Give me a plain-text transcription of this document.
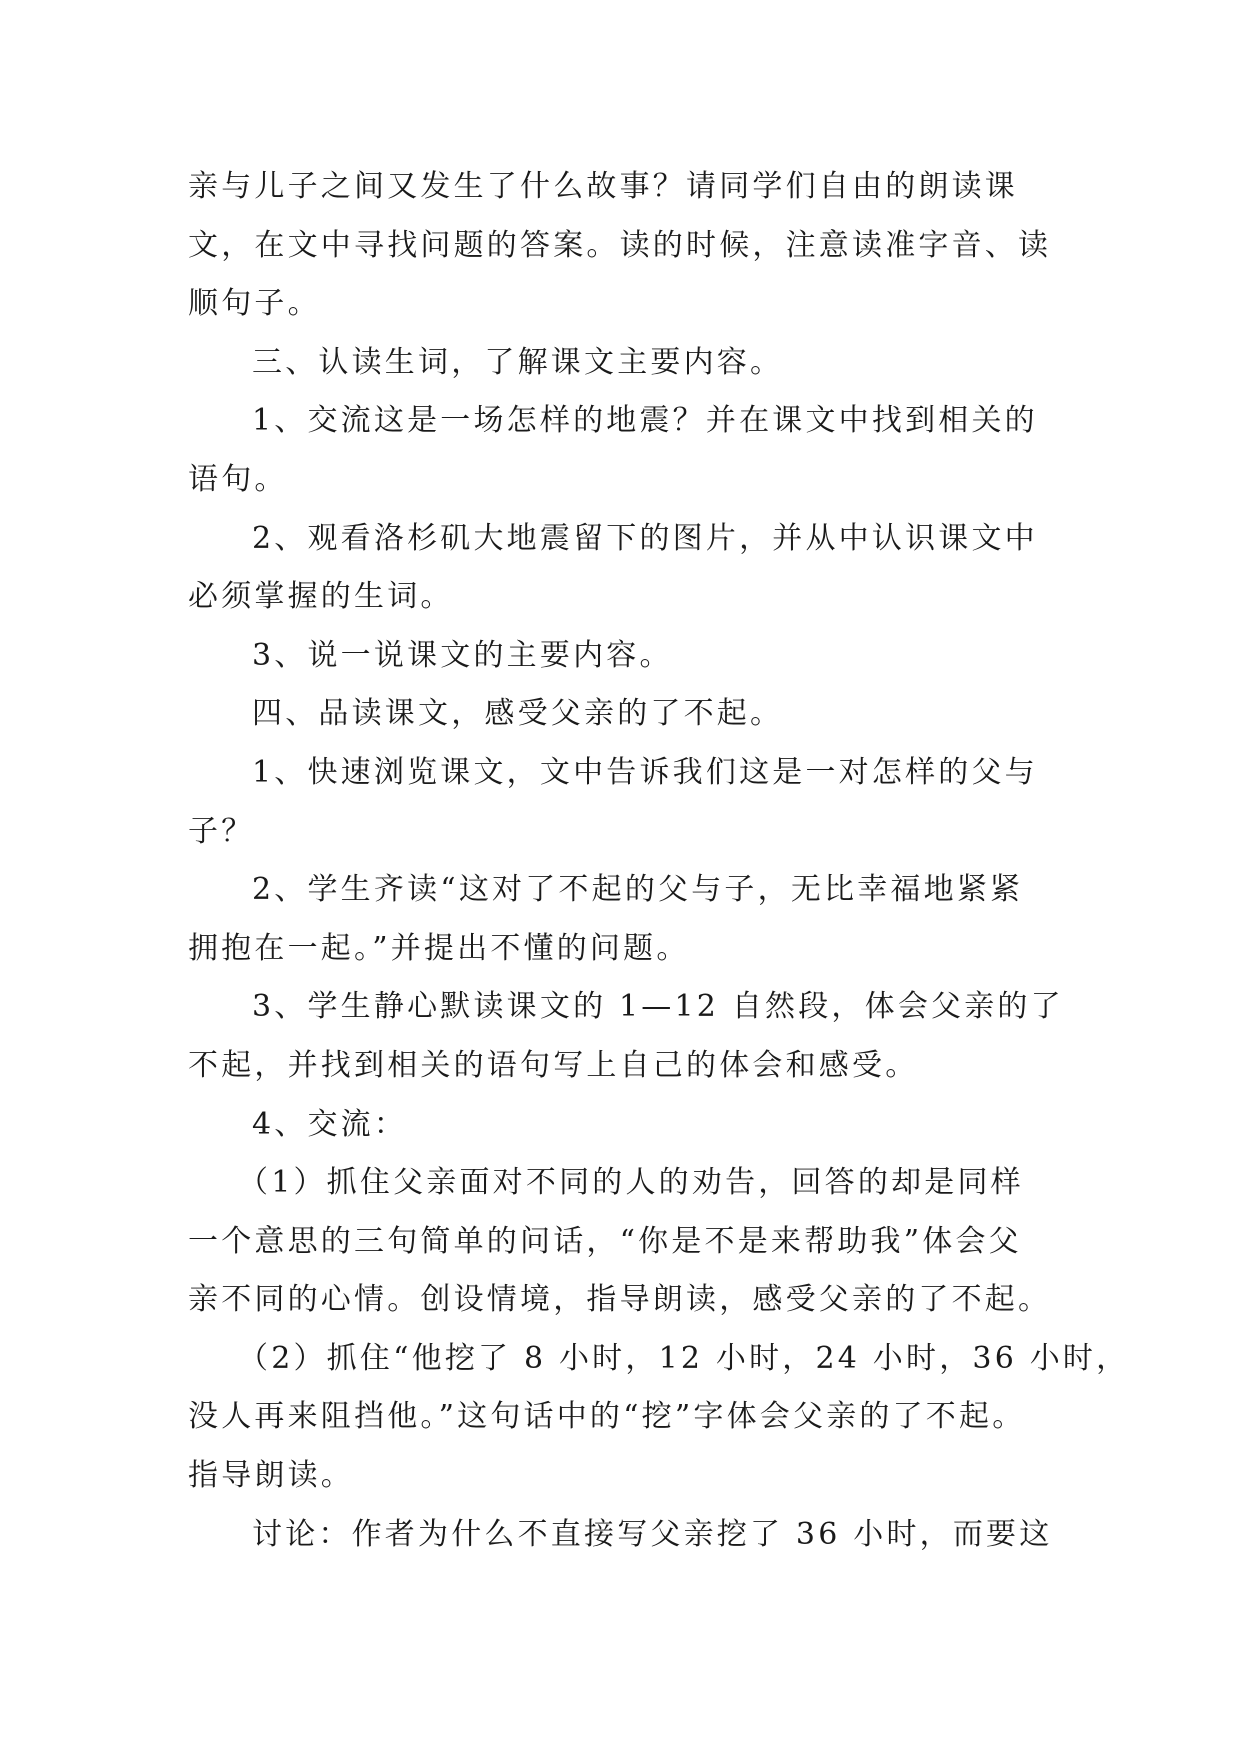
亲与儿子之间又发生了什么故事？请同学们自由的朗读课
文，在文中寻找问题的答案。读的时候，注意读准字音、读
顺句子。
三、认读生词，了解课文主要内容。
1、交流这是一场怎样的地震？并在课文中找到相关的
语句。
2、观看洛杉矶大地震留下的图片，并从中认识课文中
必须掌握的生词。
3、说一说课文的主要内容。
四、品读课文，感受父亲的了不起。
1、快速浏览课文，文中告诉我们这是一对怎样的父与
子？
2、学生齐读“这对了不起的父与子，无比幸福地紧紧
拥抱在一起。”并提出不懂的问题。
3、学生静心默读课文的 1—12 自然段，体会父亲的了
不起，并找到相关的语句写上自己的体会和感受。
4、交流：
（1）抓住父亲面对不同的人的劝告，回答的却是同样
一个意思的三句简单的问话，“你是不是来帮助我”体会父
亲不同的心情。创设情境，指导朗读，感受父亲的了不起。
（2）抓住“他挖了 8 小时，12 小时，24 小时，36 小时，
没人再来阻挡他。”这句话中的“挖”字体会父亲的了不起。
指导朗读。
讨论：作者为什么不直接写父亲挖了 36 小时，而要这
